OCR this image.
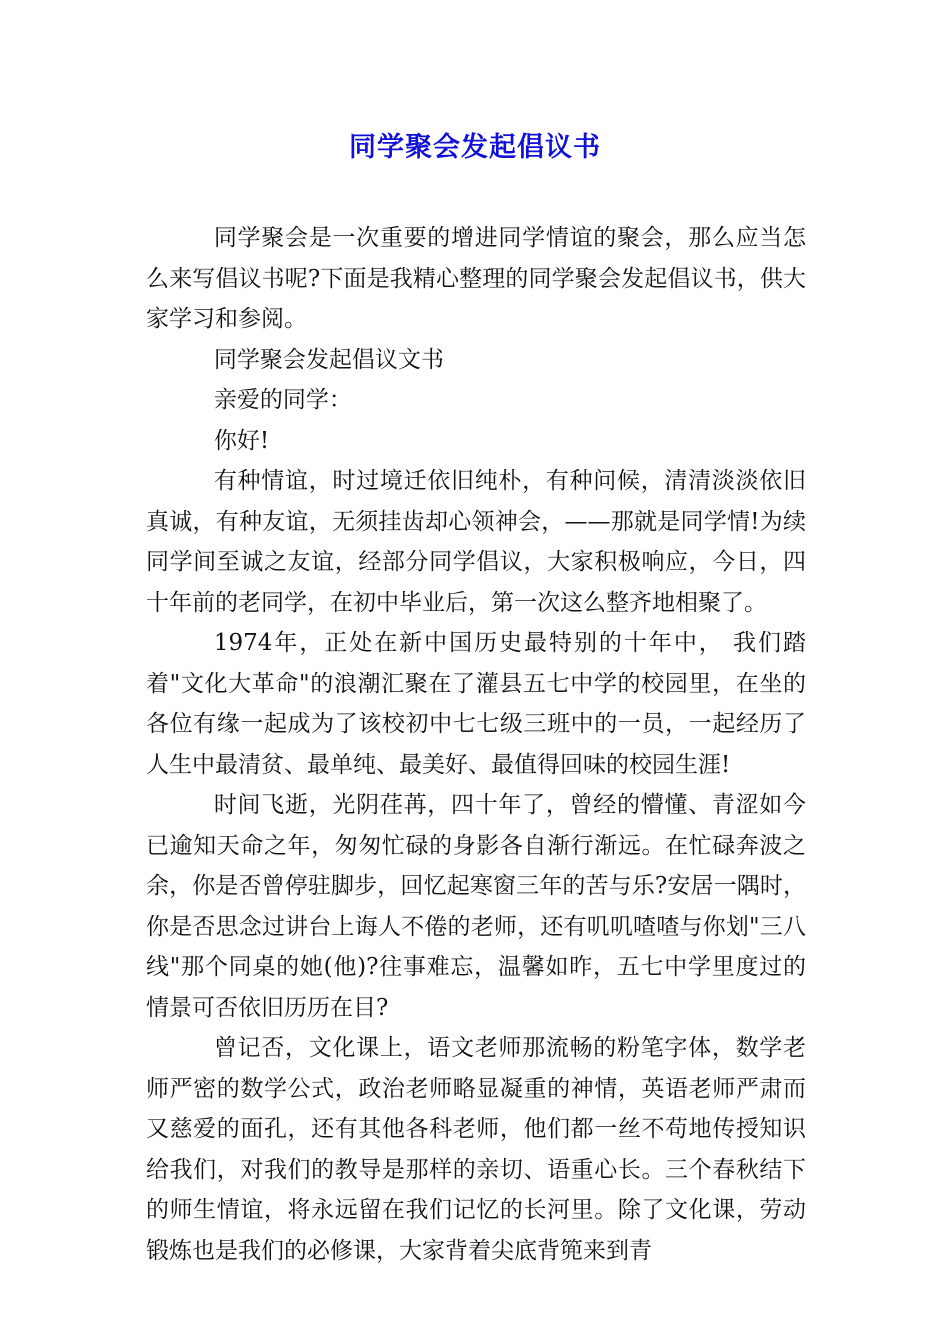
同学聚会发起倡议书

同学聚会是一次重要的增进同学情谊的聚会，那么应当怎么来写倡议书呢?下面是我精心整理的同学聚会发起倡议书，供大家学习和参阅。

同学聚会发起倡议文书

亲爱的同学：

你好!

有种情谊，时过境迁依旧纯朴，有种问候，清清淡淡依旧真诚，有种友谊，无须挂齿却心领神会，——那就是同学情!为续同学间至诚之友谊，经部分同学倡议，大家积极响应，今日，四十年前的老同学，在初中毕业后，第一次这么整齐地相聚了。

1974年，正处在新中国历史最特别的十年中， 我们踏着"文化大革命"的浪潮汇聚在了灌县五七中学的校园里，在坐的各位有缘一起成为了该校初中七七级三班中的一员，一起经历了人生中最清贫、最单纯、最美好、最值得回味的校园生涯!

时间飞逝，光阴荏苒，四十年了，曾经的懵懂、青涩如今已逾知天命之年，匆匆忙碌的身影各自渐行渐远。在忙碌奔波之余，你是否曾停驻脚步，回忆起寒窗三年的苦与乐?安居一隅时，你是否思念过讲台上诲人不倦的老师，还有叽叽喳喳与你划"三八线"那个同桌的她(他)?往事难忘，温馨如昨，五七中学里度过的情景可否依旧历历在目?

曾记否，文化课上，语文老师那流畅的粉笔字体，数学老师严密的数学公式，政治老师略显凝重的神情，英语老师严肃而又慈爱的面孔，还有其他各科老师，他们都一丝不苟地传授知识给我们，对我们的教导是那样的亲切、语重心长。三个春秋结下的师生情谊，将永远留在我们记忆的长河里。除了文化课，劳动锻炼也是我们的必修课，大家背着尖底背篼来到青
